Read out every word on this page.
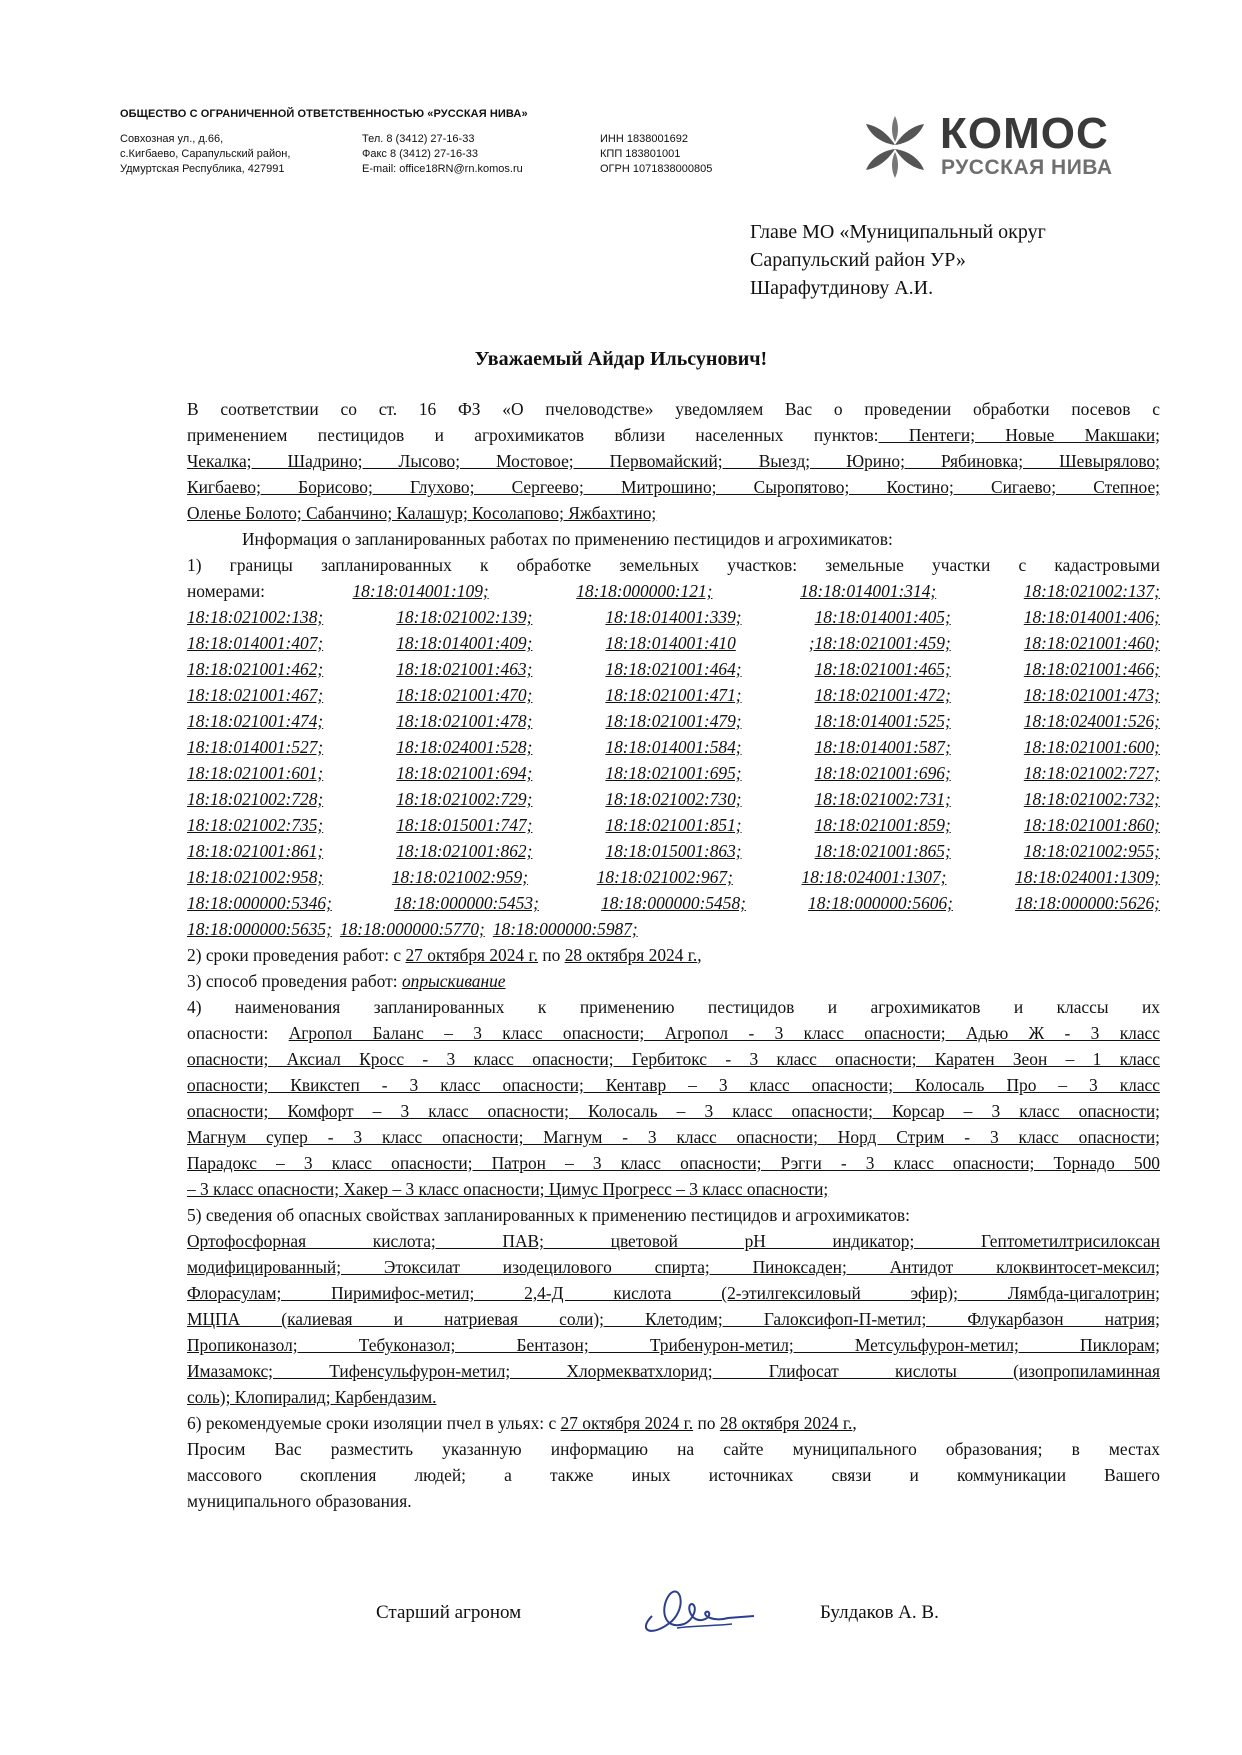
ОБЩЕСТВО С ОГРАНИЧЕННОЙ ОТВЕТСТВЕННОСТЬЮ «РУССКАЯ НИВА»
Совхозная ул., д.66,
с.Кигбаево, Сарапульский район,
Удмуртская Республика, 427991
Тел. 8 (3412) 27-16-33
Факс 8 (3412) 27-16-33
E-mail: office18RN@rn.komos.ru
ИНН 1838001692
КПП 183801001
ОГРН 1071838000805
КОМОС
РУССКАЯ НИВА
Главе МО «Муниципальный округ
Сарапульский район УР»
Шарафутдинову А.И.
Уважаемый Айдар Ильсунович!
В соответствии со ст. 16 ФЗ «О пчеловодстве» уведомляем Вас о проведении обработки посевов с
применением пестицидов и агрохимикатов вблизи населенных пунктов: Пентеги; Новые Макшаки;
Чекалка; Шадрино; Лысово; Мостовое; Первомайский; Выезд; Юрино; Рябиновка; Шевырялово;
Кигбаево; Борисово; Глухово; Сергеево; Митрошино; Сыропятово; Костино; Сигаево; Степное;
Оленье Болото; Сабанчино; Калашур; Косолапово; Яжбахтино;
Информация о запланированных работах по применению пестицидов и агрохимикатов:
1) границы запланированных к обработке земельных участков: земельные участки с кадастровыми
номерами:	18:18:014001:109;	18:18:000000:121;	18:18:014001:314;	18:18:021002:137;
18:18:021002:138;	18:18:021002:139;	18:18:014001:339;	18:18:014001:405;	18:18:014001:406;
18:18:014001:407;	18:18:014001:409;	18:18:014001:410	;18:18:021001:459;	18:18:021001:460;
18:18:021001:462;	18:18:021001:463;	18:18:021001:464;	18:18:021001:465;	18:18:021001:466;
18:18:021001:467;	18:18:021001:470;	18:18:021001:471;	18:18:021001:472;	18:18:021001:473;
18:18:021001:474;	18:18:021001:478;	18:18:021001:479;	18:18:014001:525;	18:18:024001:526;
18:18:014001:527;	18:18:024001:528;	18:18:014001:584;	18:18:014001:587;	18:18:021001:600;
18:18:021001:601;	18:18:021001:694;	18:18:021001:695;	18:18:021001:696;	18:18:021002:727;
18:18:021002:728;	18:18:021002:729;	18:18:021002:730;	18:18:021002:731;	18:18:021002:732;
18:18:021002:735;	18:18:015001:747;	18:18:021001:851;	18:18:021001:859;	18:18:021001:860;
18:18:021001:861;	18:18:021001:862;	18:18:015001:863;	18:18:021001:865;	18:18:021002:955;
18:18:021002:958;	18:18:021002:959;	18:18:021002:967;	18:18:024001:1307;	18:18:024001:1309;
18:18:000000:5346;	18:18:000000:5453;	18:18:000000:5458;	18:18:000000:5606;	18:18:000000:5626;
18:18:000000:5635; 18:18:000000:5770; 18:18:000000:5987;
2) сроки проведения работ: с 27 октября 2024 г. по 28 октября 2024 г.,
3) способ проведения работ: опрыскивание
4) наименования запланированных к применению пестицидов и агрохимикатов и классы их
опасности: Агропол Баланс – 3 класс опасности; Агропол - 3 класс опасности; Адью Ж - 3 класс
опасности; Аксиал Кросс - 3 класс опасности; Гербитокс - 3 класс опасности; Каратен Зеон – 1 класс
опасности; Квикстеп - 3 класс опасности; Кентавр – 3 класс опасности; Колосаль Про – 3 класс
опасности; Комфорт – 3 класс опасности; Колосаль – 3 класс опасности; Корсар – 3 класс опасности;
Магнум супер - 3 класс опасности; Магнум - 3 класс опасности; Норд Стрим - 3 класс опасности;
Парадокс – 3 класс опасности; Патрон – 3 класс опасности; Рэгги - 3 класс опасности; Торнадо 500
– 3 класс опасности; Хакер – 3 класс опасности; Цимус Прогресс – 3 класс опасности;
5) сведения об опасных свойствах запланированных к применению пестицидов и агрохимикатов:
Ортофосфорная кислота; ПАВ; цветовой pH индикатор; Гептометилтрисилоксан
модифицированный; Этоксилат изодецилового спирта; Пиноксаден; Антидот клоквинтосет-мексил;
Флорасулам; Пиримифос-метил; 2,4-Д кислота (2-этилгексиловый эфир); Лямбда-цигалотрин;
МЦПА (калиевая и натриевая соли); Клетодим; Галоксифоп-П-метил; Флукарбазон натрия;
Пропиконазол; Тебуконазол; Бентазон; Трибенурон-метил; Метсульфурон-метил; Пиклорам;
Имазамокс; Тифенсульфурон-метил; Хлормекватхлорид; Глифосат кислоты (изопропиламинная
соль); Клопиралид; Карбендазим.
6) рекомендуемые сроки изоляции пчел в ульях: с 27 октября 2024 г. по 28 октября 2024 г.,
Просим Вас разместить указанную информацию на сайте муниципального образования; в местах
массового скопления людей; а также иных источниках связи и коммуникации Вашего
муниципального образования.
Старший агроном	Булдаков А. В.
